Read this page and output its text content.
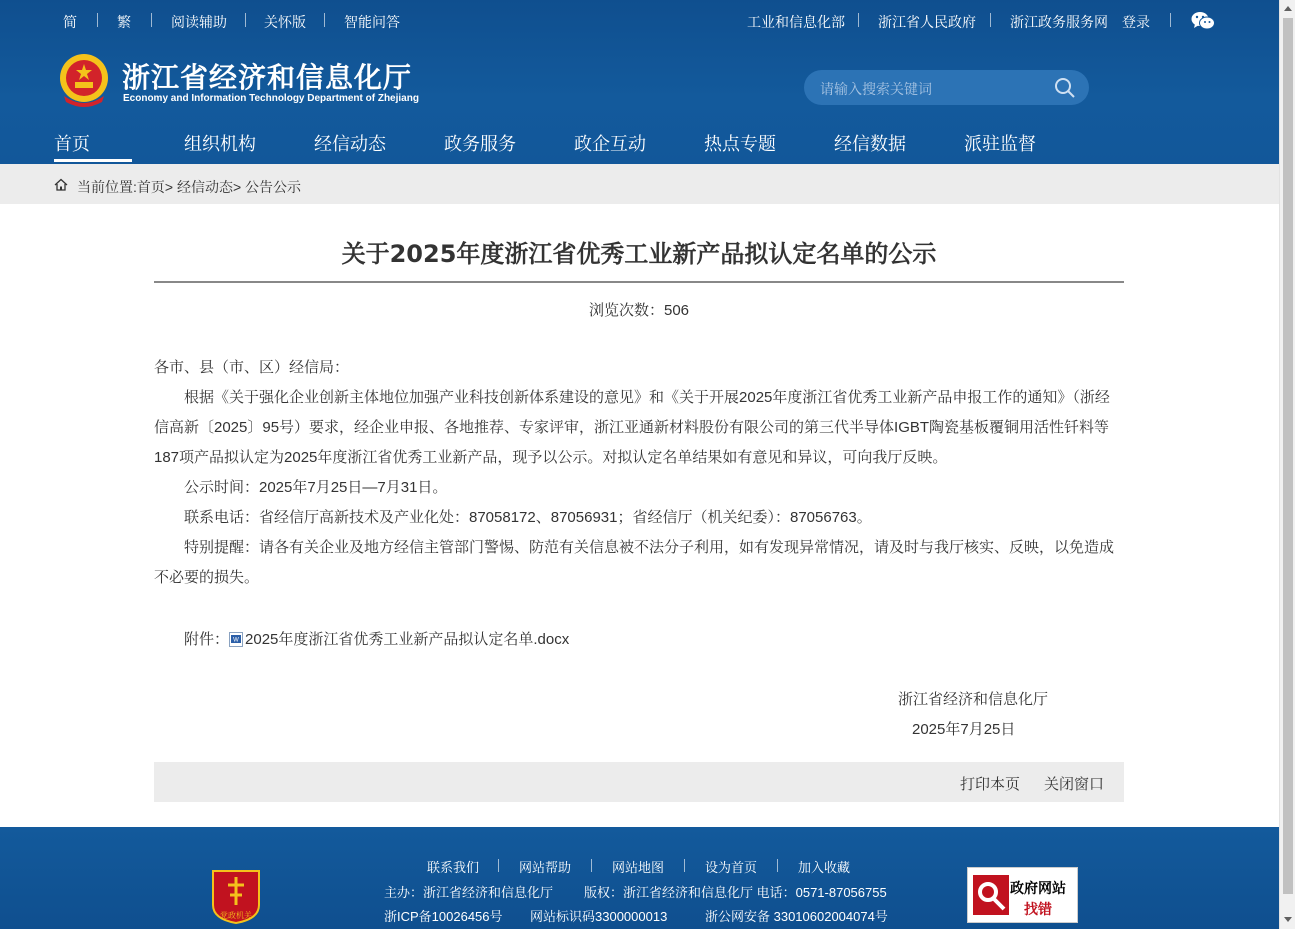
简	繁	阅读辅助	关怀版	智能问答	工业和信息化部 浙江省人民政府 浙江政务服务网 登录
浙江省经济和信息化厅
Economy and Information Technology Department of Zhejiang
请输入搜索关键词
首页	组织机构	经信动态	政务服务	政企互动	热点专题	经信数据	派驻监督
当前位置:首页> 经信动态> 公告公示
关于2025年度浙江省优秀工业新产品拟认定名单的公示
浏览次数：506
各市、县（市、区）经信局：
根据《关于强化企业创新主体地位加强产业科技创新体系建设的意见》和《关于开展2025年度浙江省优秀工业新产品申报工作的通知》（浙经信高新〔2025〕95号）要求，经企业申报、各地推荐、专家评审，浙江亚通新材料股份有限公司的第三代半导体IGBT陶瓷基板覆铜用活性钎料等187项产品拟认定为2025年度浙江省优秀工业新产品，现予以公示。对拟认定名单结果如有意见和异议，可向我厅反映。
公示时间：2025年7月25日—7月31日。
联系电话：省经信厅高新技术及产业化处：87058172、87056931；省经信厅（机关纪委）：87056763。
特别提醒：请各有关企业及地方经信主管部门警惕、防范有关信息被不法分子利用，如有发现异常情况，请及时与我厅核实、反映，以免造成不必要的损失。
附件： W 2025年度浙江省优秀工业新产品拟认定名单.docx
浙江省经济和信息化厅
2025年7月25日
打印本页 关闭窗口
党政机关
联系我们	网站帮助	网站地图	设为首页	加入收藏
主办：浙江省经济和信息化厅 版权：浙江省经济和信息化厅 电话：0571-87056755
浙ICP备10026456号 网站标识码3300000013	浙公网安备 33010602004074号
政府网站
找错
